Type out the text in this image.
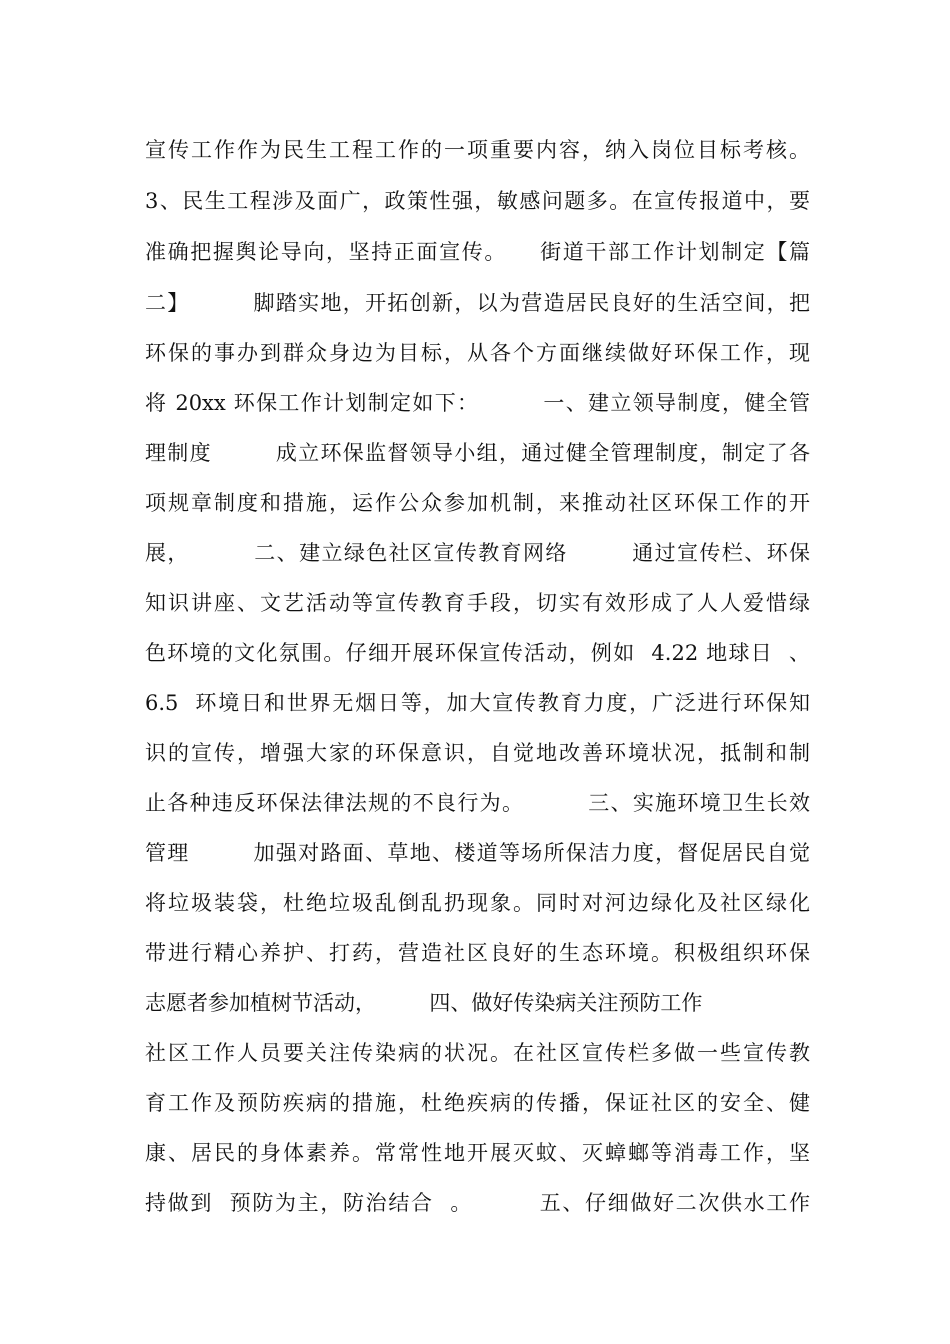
宣传工作作为民生工程工作的一项重要内容，纳入岗位目标考核。
3、民生工程涉及面广，政策性强，敏感问题多。在宣传报道中，要
准确把握舆论导向，坚持正面宣传。    街道干部工作计划制定【篇
二】        脚踏实地，开拓创新，以为营造居民良好的生活空间，把
环保的事办到群众身边为目标，从各个方面继续做好环保工作，现
将 20xx 环保工作计划制定如下：        一、建立领导制度，健全管
理制度        成立环保监督领导小组，通过健全管理制度，制定了各
项规章制度和措施，运作公众参加机制，来推动社区环保工作的开
展，        二、建立绿色社区宣传教育网络        通过宣传栏、环保
知识讲座、文艺活动等宣传教育手段，切实有效形成了人人爱惜绿
色环境的文化氛围。仔细开展环保宣传活动，例如  4.22 地球日  、
6.5  环境日和世界无烟日等，加大宣传教育力度，广泛进行环保知
识的宣传，增强大家的环保意识，自觉地改善环境状况，抵制和制
止各种违反环保法律法规的不良行为。        三、实施环境卫生长效
管理        加强对路面、草地、楼道等场所保洁力度，督促居民自觉
将垃圾装袋，杜绝垃圾乱倒乱扔现象。同时对河边绿化及社区绿化
带进行精心养护、打药，营造社区良好的生态环境。积极组织环保
志愿者参加植树节活动，        四、做好传染病关注预防工作
社区工作人员要关注传染病的状况。在社区宣传栏多做一些宣传教
育工作及预防疾病的措施，杜绝疾病的传播，保证社区的安全、健
康、居民的身体素养。常常性地开展灭蚊、灭蟑螂等消毒工作，坚
持做到  预防为主，防治结合  。        五、仔细做好二次供水工作
